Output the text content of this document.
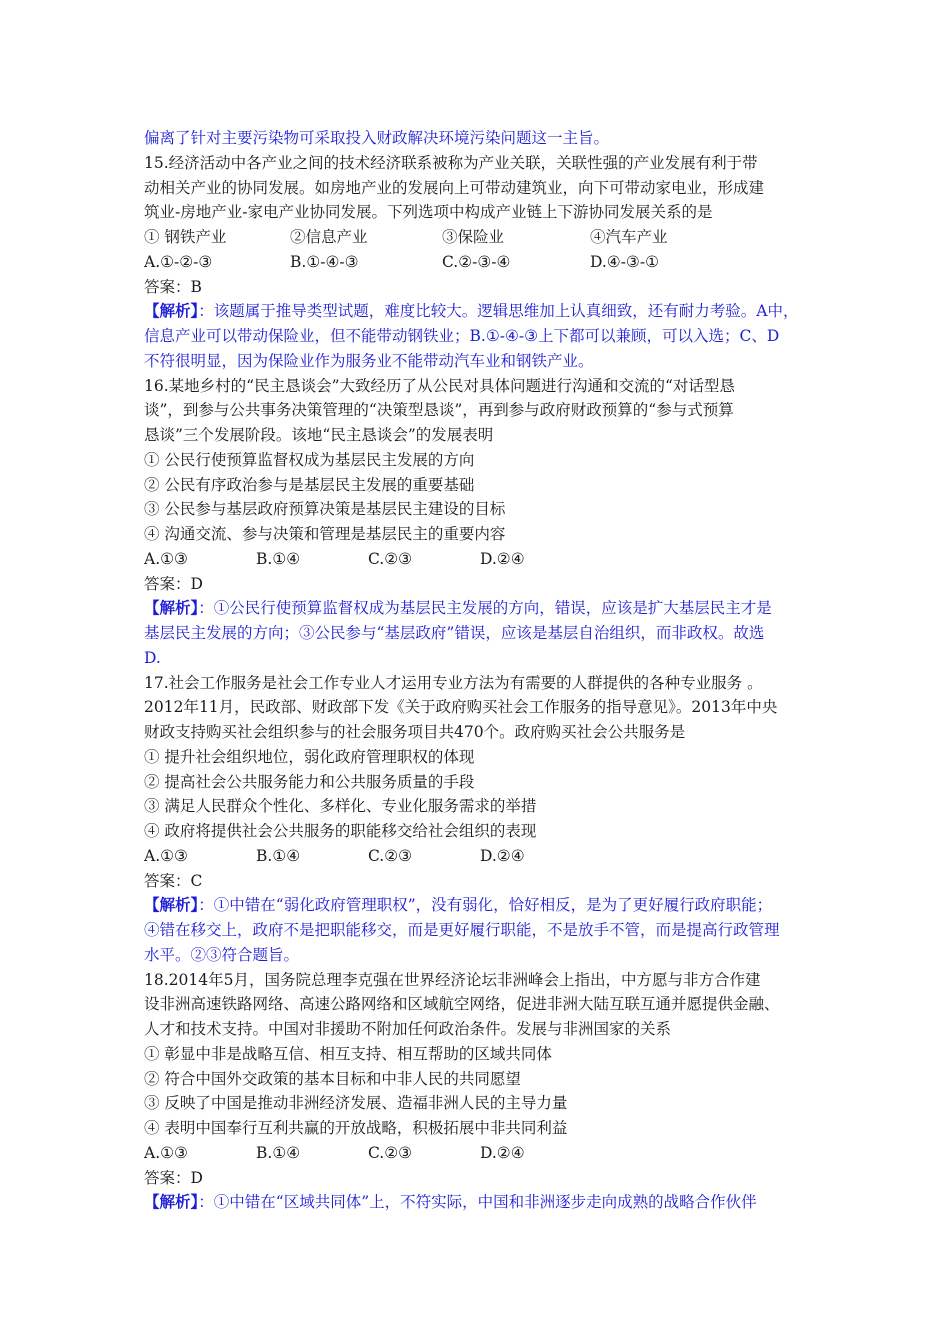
偏离了针对主要污染物可采取投入财政解决环境污染问题这一主旨。
15.经济活动中各产业之间的技术经济联系被称为产业关联，关联性强的产业发展有利于带
动相关产业的协同发展。如房地产业的发展向上可带动建筑业，向下可带动家电业，形成建
筑业-房地产业-家电产业协同发展。下列选项中构成产业链上下游协同发展关系的是
① 钢铁产业	②信息产业	③保险业	④汽车产业
A.①-②-③	B.①-④-③	C.②-③-④	D.④-③-①
答案：B
【解析】：该题属于推导类型试题，难度比较大。逻辑思维加上认真细致，还有耐力考验。A中，
信息产业可以带动保险业，但不能带动钢铁业；B.①-④-③上下都可以兼顾，可以入选；C、D
不符很明显，因为保险业作为服务业不能带动汽车业和钢铁产业。
16.某地乡村的“民主恳谈会”大致经历了从公民对具体问题进行沟通和交流的“对话型恳
谈”，到参与公共事务决策管理的“决策型恳谈”，再到参与政府财政预算的“参与式预算
恳谈”三个发展阶段。该地“民主恳谈会”的发展表明
① 公民行使预算监督权成为基层民主发展的方向
② 公民有序政治参与是基层民主发展的重要基础
③ 公民参与基层政府预算决策是基层民主建设的目标
④ 沟通交流、参与决策和管理是基层民主的重要内容
A.①③	B.①④	C.②③	D.②④
答案：D
【解析】：①公民行使预算监督权成为基层民主发展的方向，错误，应该是扩大基层民主才是
基层民主发展的方向；③公民参与“基层政府”错误，应该是基层自治组织，而非政权。故选
D.
17.社会工作服务是社会工作专业人才运用专业方法为有需要的人群提供的各种专业服务 。
2012年11月，民政部、财政部下发《关于政府购买社会工作服务的指导意见》。2013年中央
财政支持购买社会组织参与的社会服务项目共470个。政府购买社会公共服务是
① 提升社会组织地位，弱化政府管理职权的体现
② 提高社会公共服务能力和公共服务质量的手段
③ 满足人民群众个性化、多样化、专业化服务需求的举措
④ 政府将提供社会公共服务的职能移交给社会组织的表现
A.①③	B.①④	C.②③	D.②④
答案：C
【解析】：①中错在“弱化政府管理职权”，没有弱化，恰好相反，是为了更好履行政府职能；
④错在移交上，政府不是把职能移交，而是更好履行职能，不是放手不管，而是提高行政管理
水平。②③符合题旨。
18.2014年5月，国务院总理李克强在世界经济论坛非洲峰会上指出，中方愿与非方合作建
设非洲高速铁路网络、高速公路网络和区域航空网络，促进非洲大陆互联互通并愿提供金融、
人才和技术支持。中国对非援助不附加任何政治条件。发展与非洲国家的关系
① 彰显中非是战略互信、相互支持、相互帮助的区域共同体
② 符合中国外交政策的基本目标和中非人民的共同愿望
③ 反映了中国是推动非洲经济发展、造福非洲人民的主导力量
④ 表明中国奉行互利共赢的开放战略，积极拓展中非共同利益
A.①③	B.①④	C.②③	D.②④
答案：D
【解析】：①中错在“区域共同体”上，不符实际，中国和非洲逐步走向成熟的战略合作伙伴
